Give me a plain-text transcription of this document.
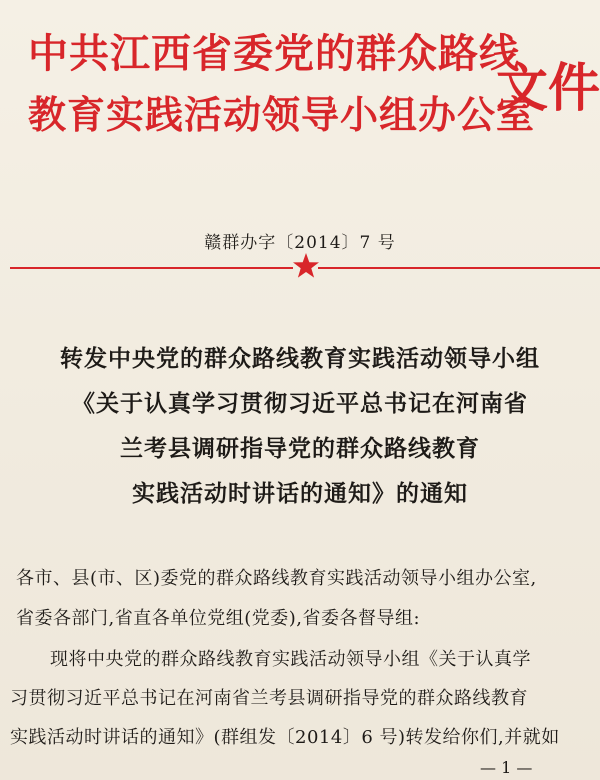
中共江西省委党的群众路线
教育实践活动领导小组办公室
文件
赣群办字〔2014〕7 号
转发中央党的群众路线教育实践活动领导小组
《关于认真学习贯彻习近平总书记在河南省
兰考县调研指导党的群众路线教育
实践活动时讲话的通知》的通知
各市、县(市、区)委党的群众路线教育实践活动领导小组办公室,
省委各部门,省直各单位党组(党委),省委各督导组:
现将中央党的群众路线教育实践活动领导小组《关于认真学
习贯彻习近平总书记在河南省兰考县调研指导党的群众路线教育
实践活动时讲话的通知》(群组发〔2014〕6 号)转发给你们,并就如
— 1 —
